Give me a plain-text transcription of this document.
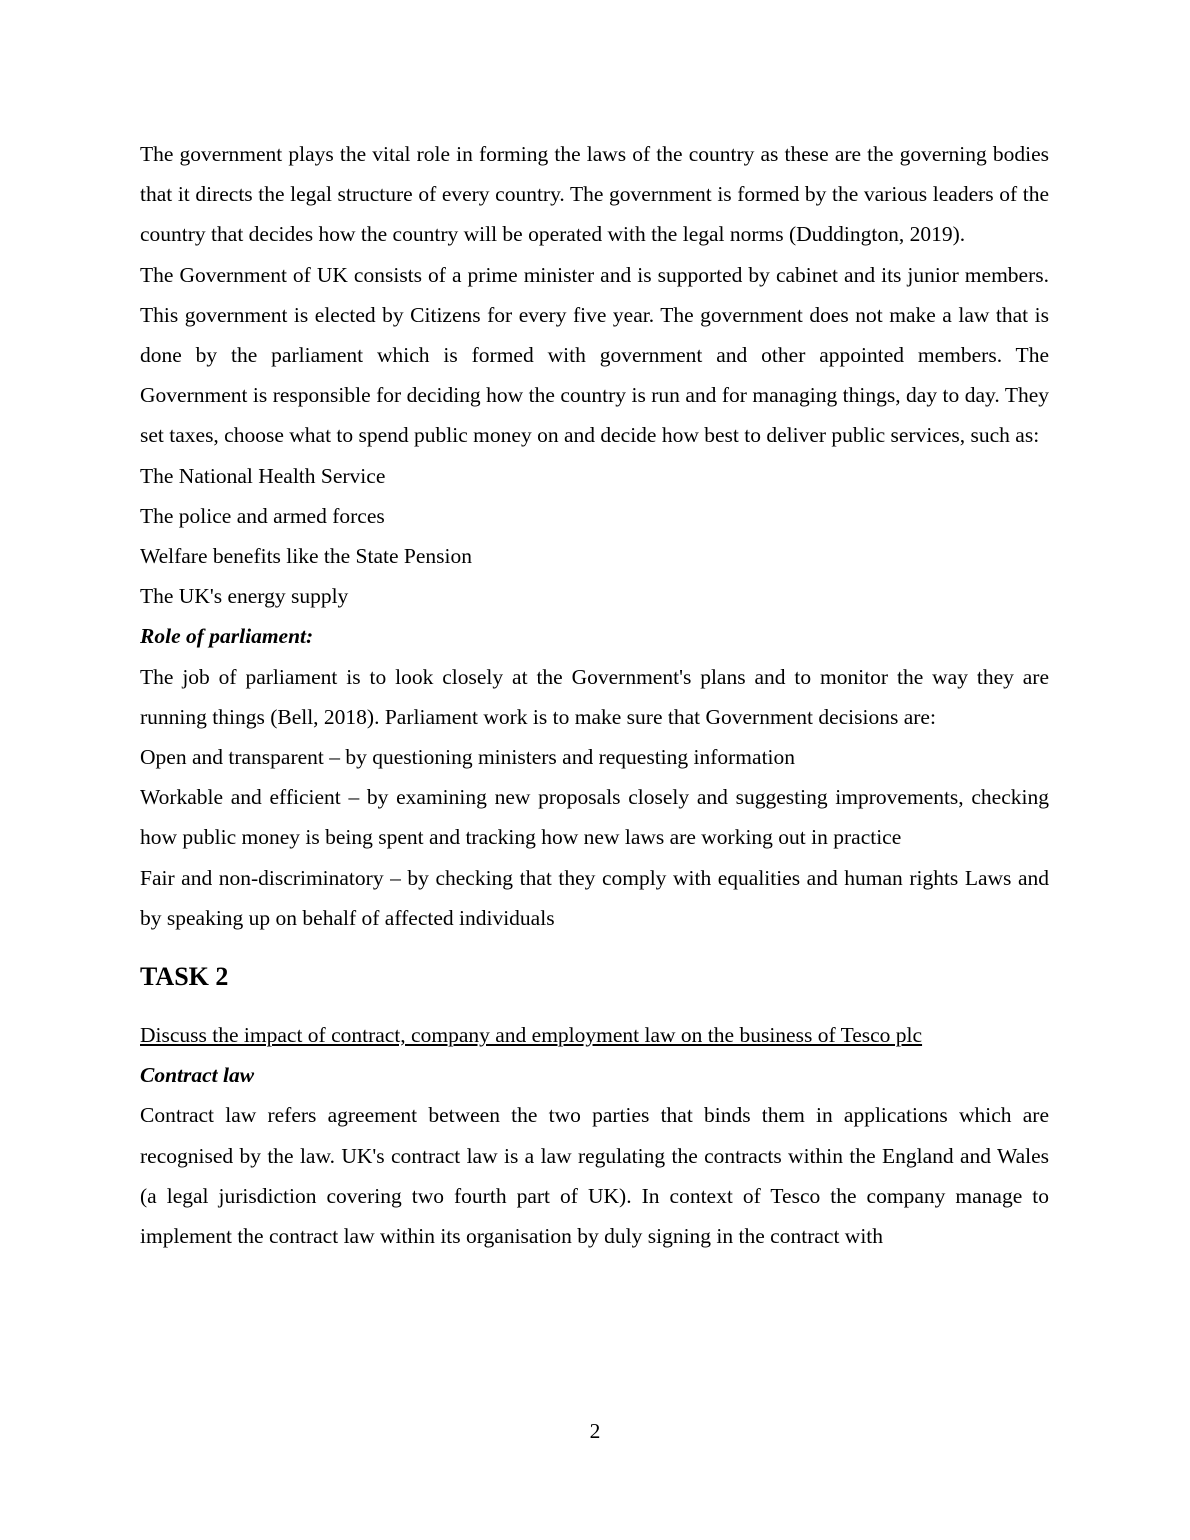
The government plays the vital role in forming the laws of the country as these are the governing bodies that it directs the legal structure of every country. The government is formed by the various leaders of the country that decides how the country will be operated with the legal norms (Duddington, 2019).

The Government of UK consists of a prime minister and is supported by cabinet and its junior members. This government is elected by Citizens for every five year. The government does not make a law that is done by the parliament which is formed with government and other appointed members. The Government is responsible for deciding how the country is run and for managing things, day to day. They set taxes, choose what to spend public money on and decide how best to deliver public services, such as:

The National Health Service

The police and armed forces

Welfare benefits like the State Pension

The UK's energy supply

Role of parliament:

The job of parliament is to look closely at the Government's plans and to monitor the way they are running things (Bell, 2018). Parliament work is to make sure that Government decisions are:

Open and transparent – by questioning ministers and requesting information

Workable and efficient – by examining new proposals closely and suggesting improvements, checking how public money is being spent and tracking how new laws are working out in practice

Fair and non-discriminatory – by checking that they comply with equalities and human rights Laws and by speaking up on behalf of affected individuals

TASK 2

Discuss the impact of contract, company and employment law on the business of Tesco plc

Contract law

Contract law refers agreement between the two parties that binds them in applications which are recognised by the law. UK's contract law is a law regulating the contracts within the England and Wales (a legal jurisdiction covering two fourth part of UK). In context of Tesco the company manage to implement the contract law within its organisation by duly signing in the contract with

2
